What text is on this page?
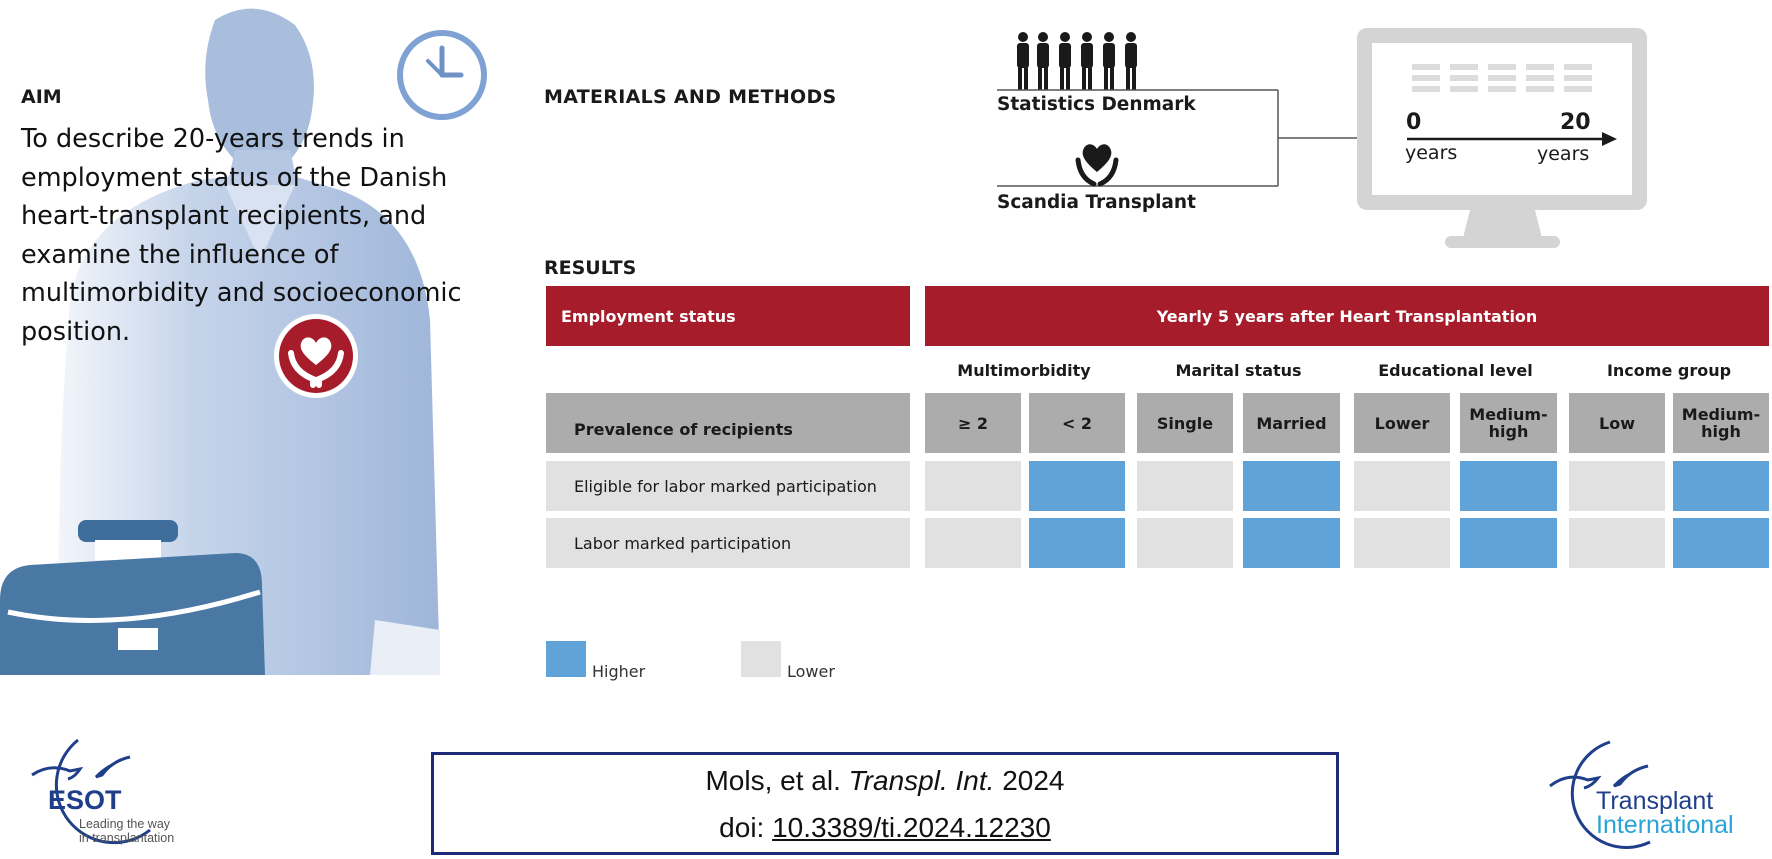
AIM
To describe 20-years trends in employment status of the Danish heart-transplant recipients, and examine the influence of multimorbidity and socioeconomic position.
MATERIALS AND METHODS	Statistics Denmark
Scandia Transplant
0	20
years	years
RESULTS
Employment status	Yearly 5 years after Heart Transplantation
Multimorbidity	Marital status	Educational level	Income group
Prevalence of recipients	≥ 2	< 2	Single	Married	Lower	Medium-
high	Low	Medium-
high
Eligible for labor marked participation
Labor marked participation
Higher	Lower
Mols, et al. Transpl. Int. 2024
doi: 10.3389/ti.2024.12230
ESOT
Leading the way
in transplantation
Transplant
International
